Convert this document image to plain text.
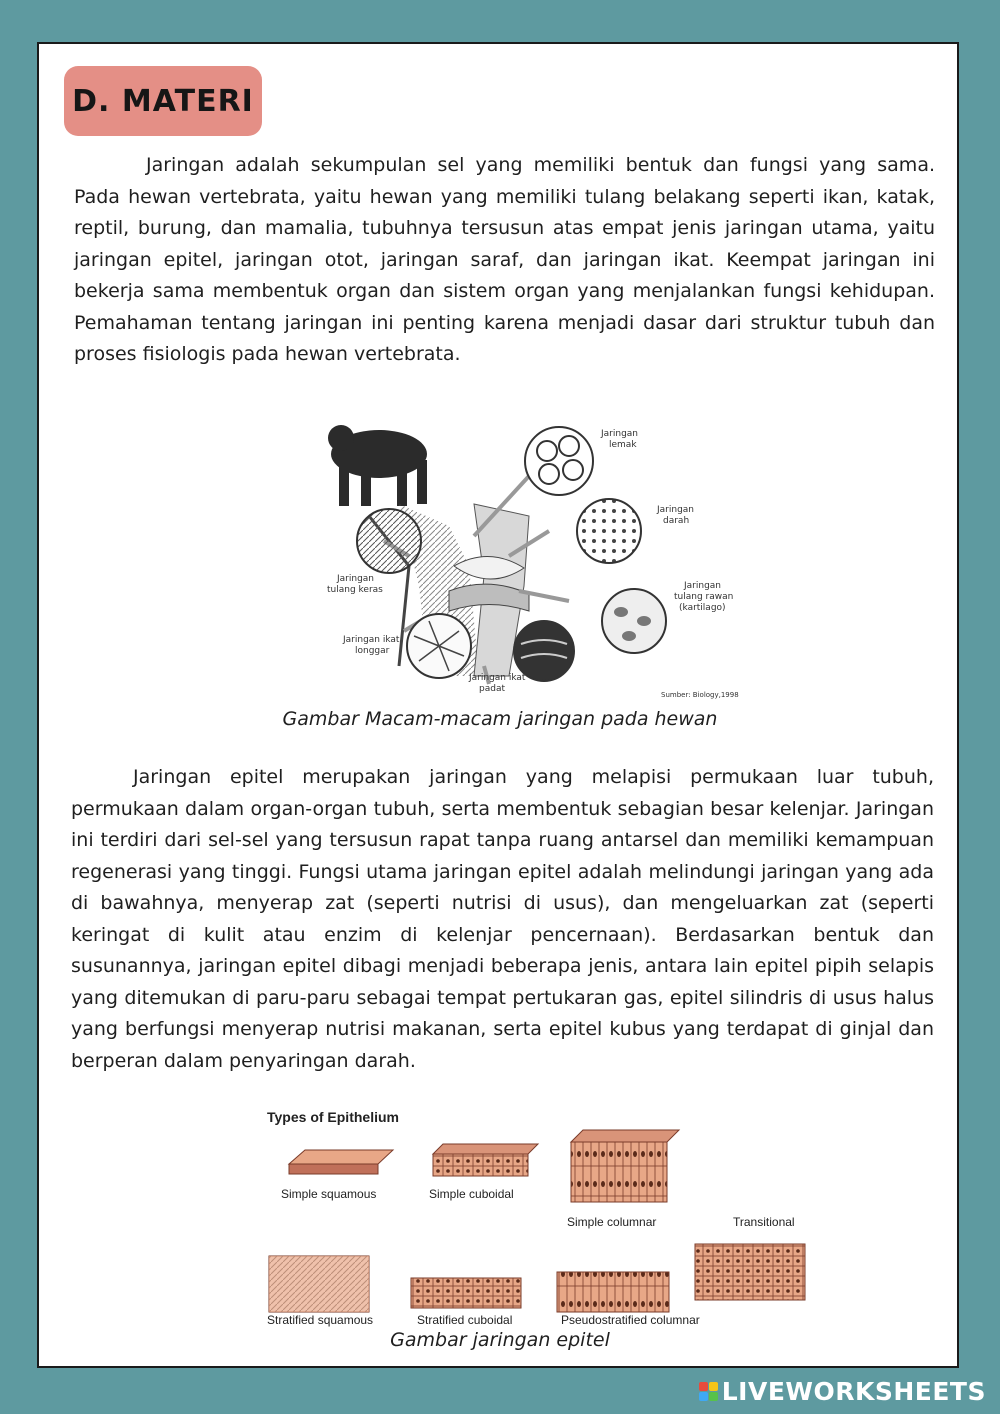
D. MATERI

Jaringan adalah sekumpulan sel yang memiliki bentuk dan fungsi yang sama. Pada hewan vertebrata, yaitu hewan yang memiliki tulang belakang seperti ikan, katak, reptil, burung, dan mamalia, tubuhnya tersusun atas empat jenis jaringan utama, yaitu jaringan epitel, jaringan otot, jaringan saraf, dan jaringan ikat. Keempat jaringan ini bekerja sama membentuk organ dan sistem organ yang menjalankan fungsi kehidupan. Pemahaman tentang jaringan ini penting karena menjadi dasar dari struktur tubuh dan proses fisiologis pada hewan vertebrata.

Jaringan
lemak
Jaringan
darah
Jaringan
tulang rawan
(kartilago)
Jaringan
tulang keras
Jaringan ikat
longgar
Jaringan ikat
padat
Sumber: Biology,1998

Gambar Macam-macam jaringan pada hewan

Jaringan epitel merupakan jaringan yang melapisi permukaan luar tubuh, permukaan dalam organ-organ tubuh, serta membentuk sebagian besar kelenjar. Jaringan ini terdiri dari sel-sel yang tersusun rapat tanpa ruang antarsel dan memiliki kemampuan regenerasi yang tinggi. Fungsi utama jaringan epitel adalah melindungi jaringan yang ada di bawahnya, menyerap zat (seperti nutrisi di usus), dan mengeluarkan zat (seperti keringat di kulit atau enzim di kelenjar pencernaan). Berdasarkan bentuk dan susunannya, jaringan epitel dibagi menjadi beberapa jenis, antara lain epitel pipih selapis yang ditemukan di paru-paru sebagai tempat pertukaran gas, epitel silindris di usus halus yang berfungsi menyerap nutrisi makanan, serta epitel kubus yang terdapat di ginjal dan berperan dalam penyaringan darah.

Types of Epithelium
Simple squamous	Simple cuboidal
Simple columnar	Transitional
Stratified squamous	Stratified cuboidal	Pseudostratified columnar

Gambar jaringan epitel

LIVEWORKSHEETS
